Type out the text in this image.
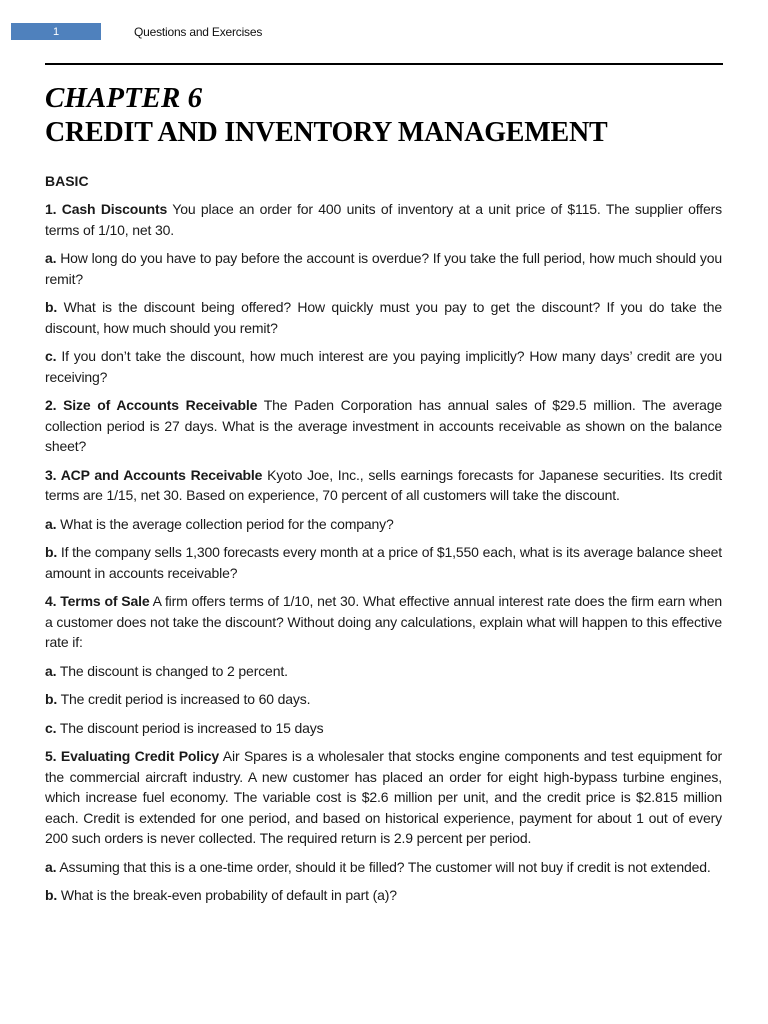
1	Questions and Exercises
CHAPTER 6
CREDIT AND INVENTORY MANAGEMENT
BASIC

1. Cash Discounts You place an order for 400 units of inventory at a unit price of $115. The supplier offers terms of 1/10, net 30.

a. How long do you have to pay before the account is overdue? If you take the full period, how much should you remit?

b. What is the discount being offered? How quickly must you pay to get the discount? If you do take the discount, how much should you remit?

c. If you don’t take the discount, how much interest are you paying implicitly? How many days’ credit are you receiving?

2. Size of Accounts Receivable The Paden Corporation has annual sales of $29.5 million. The average collection period is 27 days. What is the average investment in accounts receivable as shown on the balance sheet?

3. ACP and Accounts Receivable Kyoto Joe, Inc., sells earnings forecasts for Japanese securities. Its credit terms are 1/15, net 30. Based on experience, 70 percent of all customers will take the discount.

a. What is the average collection period for the company?

b. If the company sells 1,300 forecasts every month at a price of $1,550 each, what is its average balance sheet amount in accounts receivable?

4. Terms of Sale A firm offers terms of 1/10, net 30. What effective annual interest rate does the firm earn when a customer does not take the discount? Without doing any calculations, explain what will happen to this effective rate if:

a. The discount is changed to 2 percent.

b. The credit period is increased to 60 days.

c. The discount period is increased to 15 days

5. Evaluating Credit Policy Air Spares is a wholesaler that stocks engine components and test equipment for the commercial aircraft industry. A new customer has placed an order for eight high-bypass turbine engines, which increase fuel economy. The variable cost is $2.6 million per unit, and the credit price is $2.815 million each. Credit is extended for one period, and based on historical experience, payment for about 1 out of every 200 such orders is never collected. The required return is 2.9 percent per period.

a. Assuming that this is a one-time order, should it be filled? The customer will not buy if credit is not extended.

b. What is the break-even probability of default in part (a)?
